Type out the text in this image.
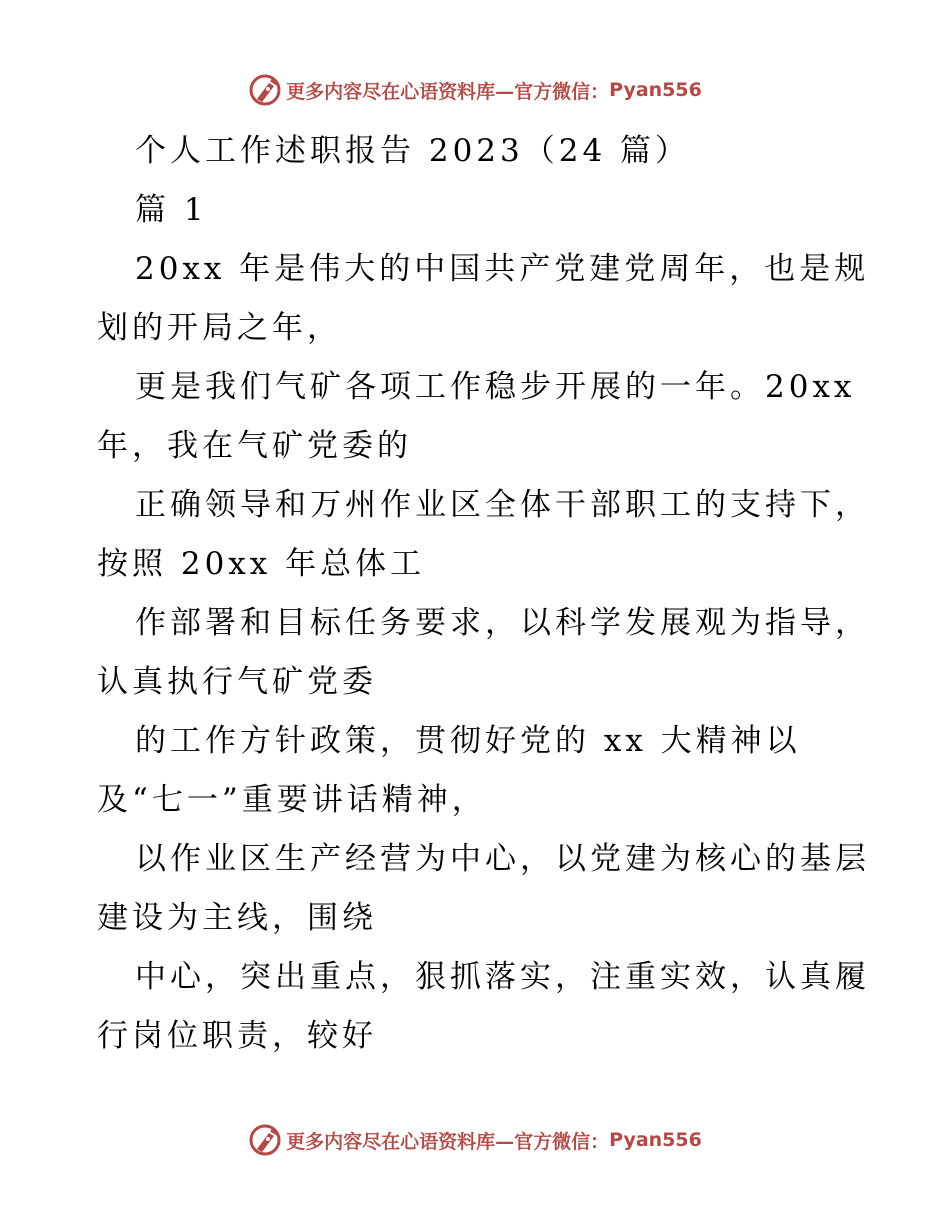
更多内容尽在心语资料库—官方微信： Pyan556
个人工作述职报告 2023（24 篇）
篇 1
20xx 年是伟大的中国共产党建党周年，也是规
划的开局之年，
更是我们气矿各项工作稳步开展的一年。20xx
年，我在气矿党委的
正确领导和万州作业区全体干部职工的支持下，
按照 20xx 年总体工
作部署和目标任务要求，以科学发展观为指导，
认真执行气矿党委
的工作方针政策，贯彻好党的 xx 大精神以
及“七一”重要讲话精神，
以作业区生产经营为中心，以党建为核心的基层
建设为主线，围绕
中心，突出重点，狠抓落实，注重实效，认真履
行岗位职责，较好
更多内容尽在心语资料库—官方微信： Pyan556
